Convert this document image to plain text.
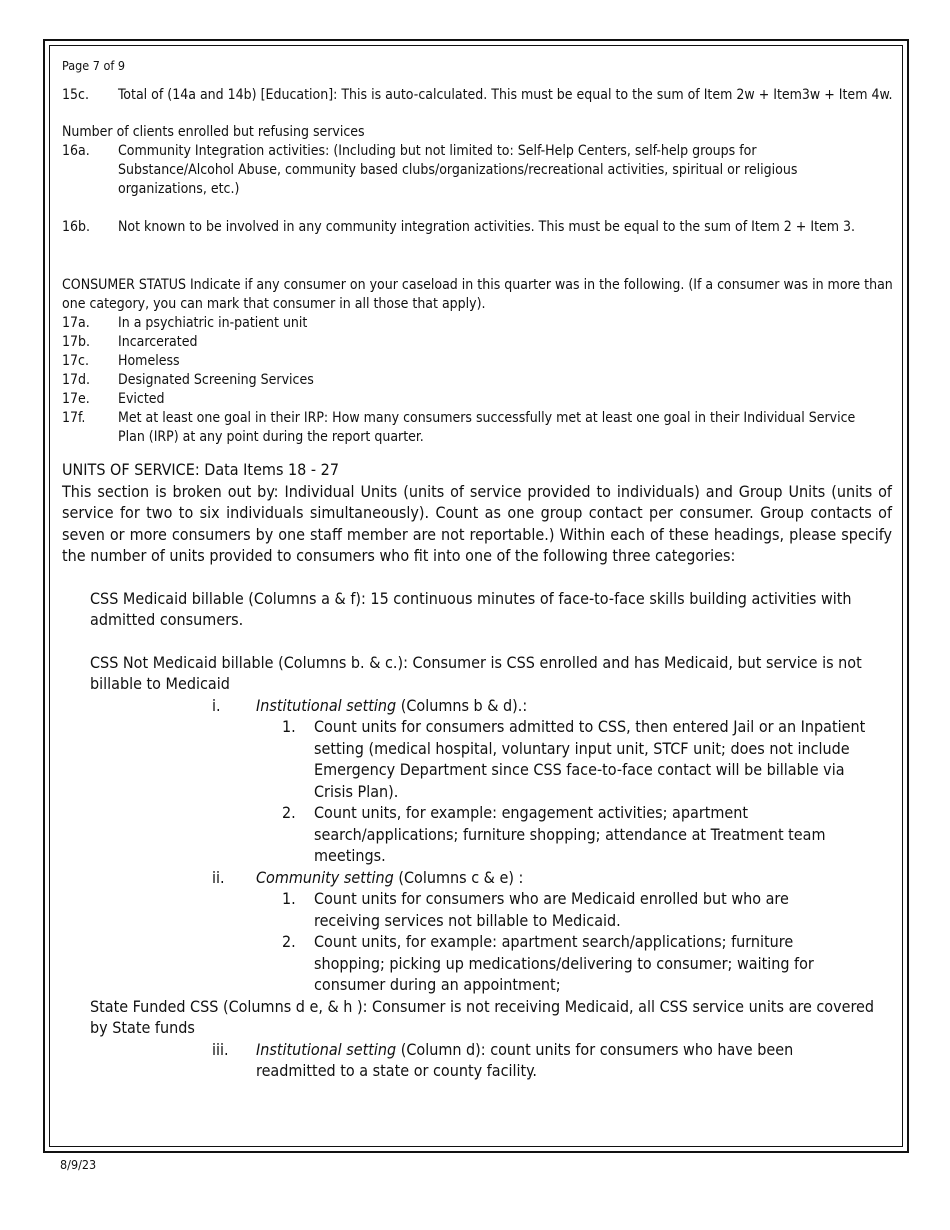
Page 7 of 9
15c.	Total of (14a and 14b) [Education]: This is auto-calculated. This must be equal to the sum of Item 2w + Item3w + Item 4w.
Number of clients enrolled but refusing services
16a.	Community Integration activities: (Including but not limited to: Self-Help Centers, self-help groups for Substance/Alcohol Abuse, community based clubs/organizations/recreational activities, spiritual or religious organizations, etc.)
16b.	Not known to be involved in any community integration activities. This must be equal to the sum of Item 2 + Item 3.
CONSUMER STATUS Indicate if any consumer on your caseload in this quarter was in the following. (If a consumer was in more than one category, you can mark that consumer in all those that apply).
17a.	In a psychiatric in-patient unit
17b.	Incarcerated
17c.	Homeless
17d.	Designated Screening Services
17e.	Evicted
17f.	Met at least one goal in their IRP: How many consumers successfully met at least one goal in their Individual Service Plan (IRP) at any point during the report quarter.
UNITS OF SERVICE: Data Items 18 - 27
This section is broken out by: Individual Units (units of service provided to individuals) and Group Units (units of service for two to six individuals simultaneously). Count as one group contact per consumer. Group contacts of seven or more consumers by one staff member are not reportable.) Within each of these headings, please specify the number of units provided to consumers who fit into one of the following three categories:
CSS Medicaid billable (Columns a & f): 15 continuous minutes of face-to-face skills building activities with admitted consumers.
CSS Not Medicaid billable (Columns b. & c.): Consumer is CSS enrolled and has Medicaid, but service is not billable to Medicaid
i.	Institutional setting (Columns b & d).:
1.	Count units for consumers admitted to CSS, then entered Jail or an Inpatient setting (medical hospital, voluntary input unit, STCF unit; does not include Emergency Department since CSS face-to-face contact will be billable via Crisis Plan).
2.	Count units, for example: engagement activities; apartment search/applications; furniture shopping; attendance at Treatment team meetings.
ii.	Community setting (Columns c & e) :
1.	Count units for consumers who are Medicaid enrolled but who are receiving services not billable to Medicaid.
2.	Count units, for example: apartment search/applications; furniture shopping; picking up medications/delivering to consumer; waiting for consumer during an appointment;
State Funded CSS (Columns d e, & h ): Consumer is not receiving Medicaid, all CSS service units are covered by State funds
iii.	Institutional setting (Column d): count units for consumers who have been readmitted to a state or county facility.
8/9/23
